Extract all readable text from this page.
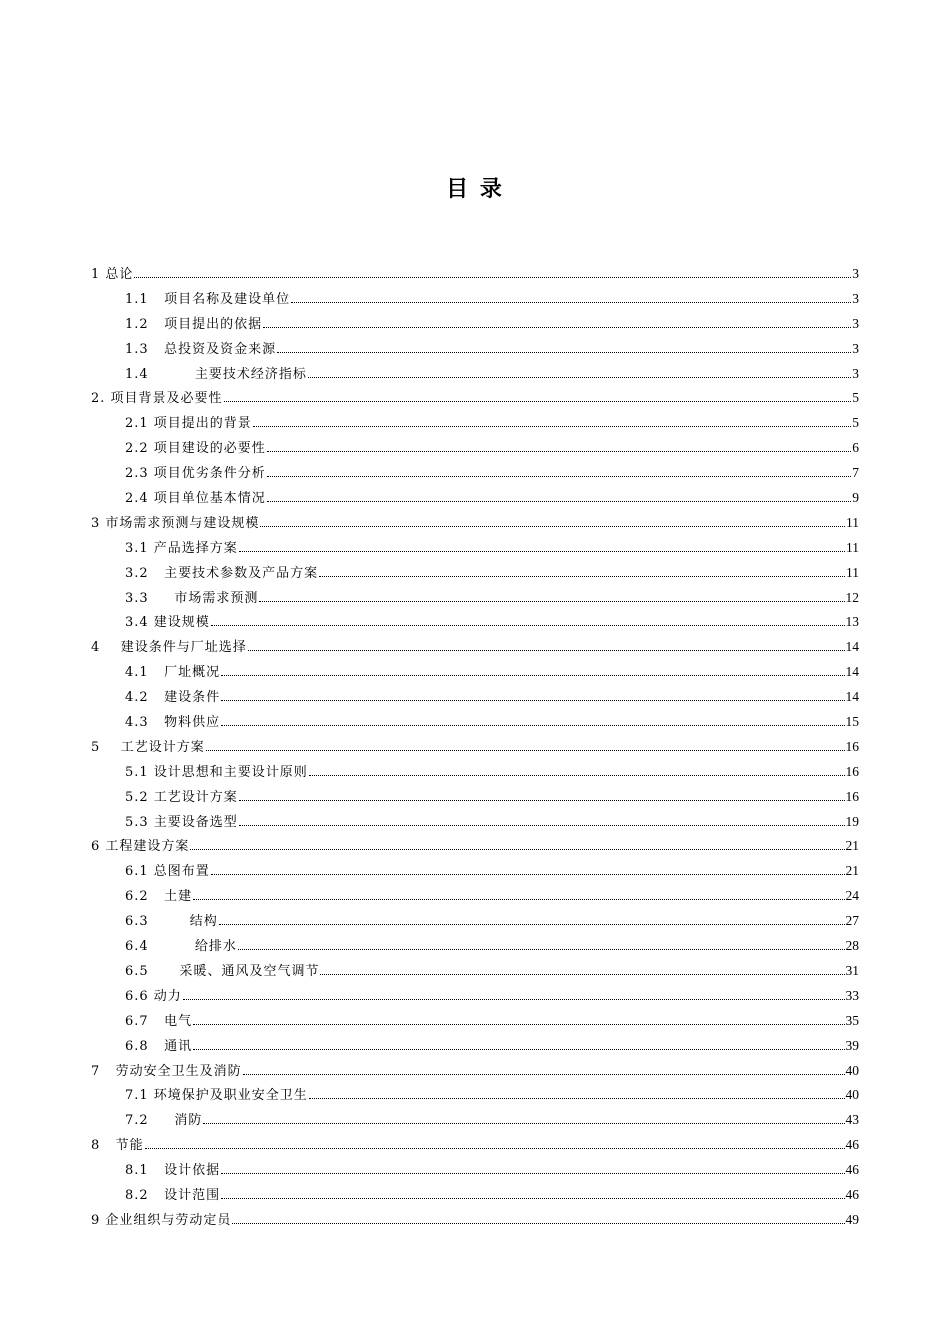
目 录
1 总论	3
1.1   项目名称及建设单位	3
1.2   项目提出的依据	3
1.3   总投资及资金来源	3
1.4         主要技术经济指标	3
2. 项目背景及必要性	5
2.1 项目提出的背景	5
2.2 项目建设的必要性	6
2.3 项目优劣条件分析	7
2.4 项目单位基本情况	9
3 市场需求预测与建设规模	11
3.1 产品选择方案	11
3.2   主要技术参数及产品方案	11
3.3     市场需求预测	12
3.4 建设规模	13
4    建设条件与厂址选择	14
4.1   厂址概况	14
4.2   建设条件	14
4.3   物料供应	15
5    工艺设计方案	16
5.1 设计思想和主要设计原则	16
5.2 工艺设计方案	16
5.3 主要设备选型	19
6 工程建设方案	21
6.1 总图布置	21
6.2   土建	24
6.3        结构	27
6.4         给排水	28
6.5      采暖、通风及空气调节	31
6.6 动力	33
6.7   电气	35
6.8   通讯	39
7   劳动安全卫生及消防	40
7.1 环境保护及职业安全卫生	40
7.2     消防	43
8   节能	46
8.1   设计依据	46
8.2   设计范围	46
9 企业组织与劳动定员	49
